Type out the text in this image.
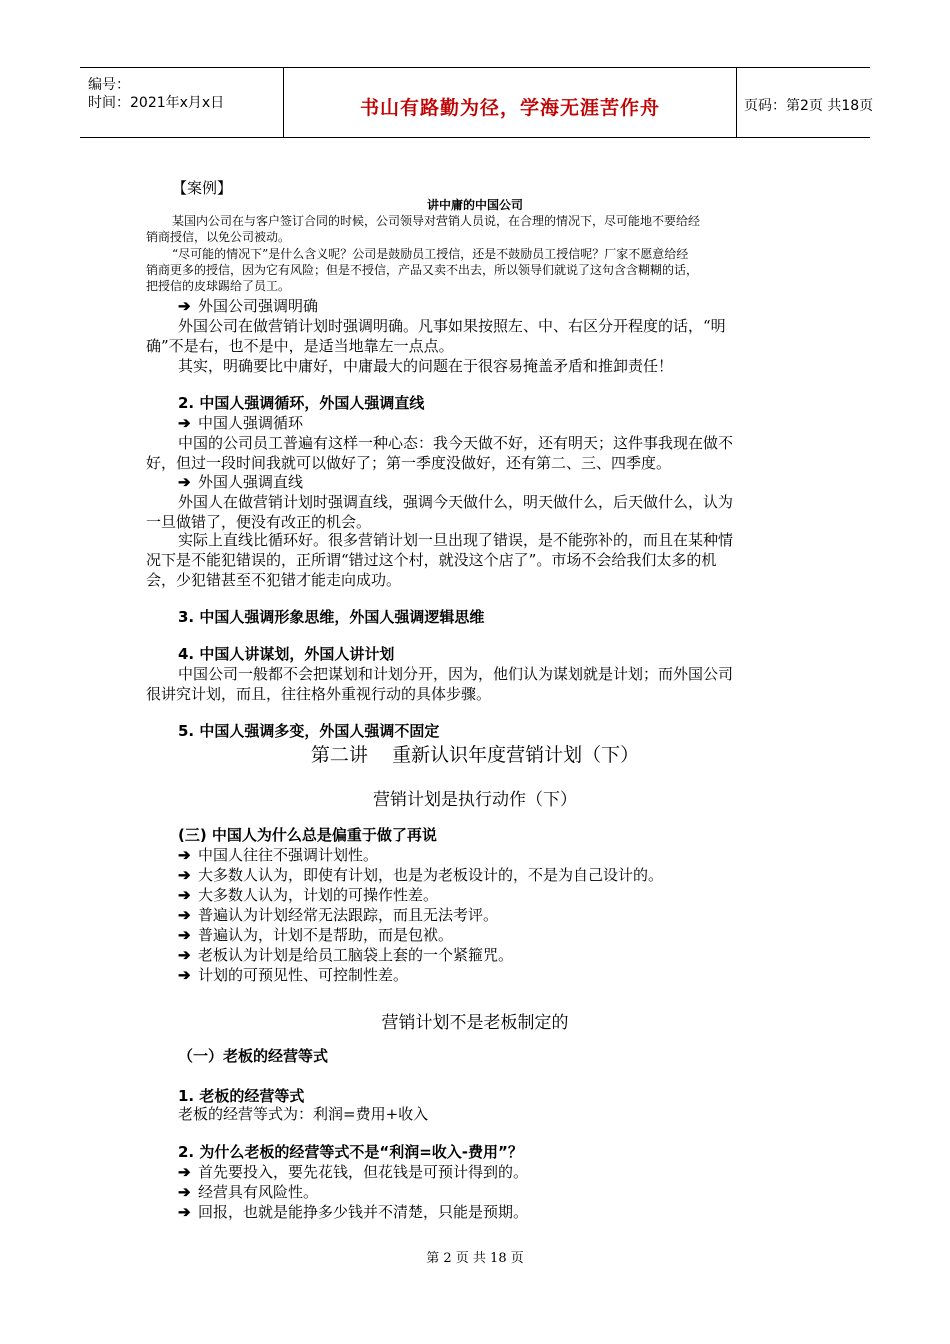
编号：
时间：2021年x月x日	书山有路勤为径，学海无涯苦作舟	页码：第2页 共18页
【案例】
讲中庸的中国公司
某国内公司在与客户签订合同的时候，公司领导对营销人员说，在合理的情况下，尽可能地不要给经
销商授信，以免公司被动。
“尽可能的情况下”是什么含义呢？公司是鼓励员工授信，还是不鼓励员工授信呢？厂家不愿意给经
销商更多的授信，因为它有风险；但是不授信，产品又卖不出去，所以领导们就说了这句含含糊糊的话，
把授信的皮球踢给了员工。
➔ 外国公司强调明确
外国公司在做营销计划时强调明确。凡事如果按照左、中、右区分开程度的话，“明
确”不是右，也不是中，是适当地靠左一点点。
其实，明确要比中庸好，中庸最大的问题在于很容易掩盖矛盾和推卸责任！
2. 中国人强调循环，外国人强调直线
➔ 中国人强调循环
中国的公司员工普遍有这样一种心态：我今天做不好，还有明天；这件事我现在做不
好，但过一段时间我就可以做好了；第一季度没做好，还有第二、三、四季度。
➔ 外国人强调直线
外国人在做营销计划时强调直线，强调今天做什么，明天做什么，后天做什么，认为
一旦做错了，便没有改正的机会。
实际上直线比循环好。很多营销计划一旦出现了错误，是不能弥补的，而且在某种情
况下是不能犯错误的，正所谓“错过这个村，就没这个店了”。市场不会给我们太多的机
会，少犯错甚至不犯错才能走向成功。
3. 中国人强调形象思维，外国人强调逻辑思维
4. 中国人讲谋划，外国人讲计划
中国公司一般都不会把谋划和计划分开，因为，他们认为谋划就是计划；而外国公司
很讲究计划，而且，往往格外重视行动的具体步骤。
5. 中国人强调多变，外国人强调不固定
第二讲    重新认识年度营销计划（下）
营销计划是执行动作（下）
(三) 中国人为什么总是偏重于做了再说
➔ 中国人往往不强调计划性。
➔ 大多数人认为，即使有计划，也是为老板设计的，不是为自己设计的。
➔ 大多数人认为，计划的可操作性差。
➔ 普遍认为计划经常无法跟踪，而且无法考评。
➔ 普遍认为，计划不是帮助，而是包袱。
➔ 老板认为计划是给员工脑袋上套的一个紧箍咒。
➔ 计划的可预见性、可控制性差。
营销计划不是老板制定的
（一）老板的经营等式
1. 老板的经营等式
老板的经营等式为：利润=费用+收入
2. 为什么老板的经营等式不是“利润=收入-费用”？
➔ 首先要投入，要先花钱，但花钱是可预计得到的。
➔ 经营具有风险性。
➔ 回报，也就是能挣多少钱并不清楚，只能是预期。
第 2 页 共 18 页
